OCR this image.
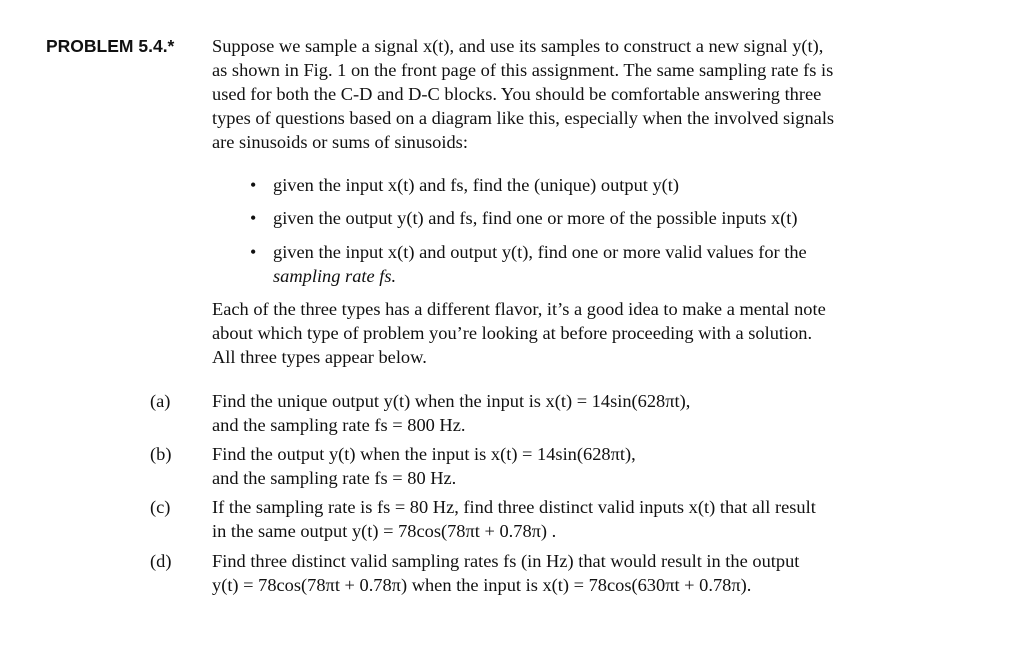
PROBLEM 5.4.* Suppose we sample a signal x(t), and use its samples to construct a new signal y(t),
as shown in Fig. 1 on the front page of this assignment. The same sampling rate fs is
used for both the C-D and D-C blocks. You should be comfortable answering three
types of questions based on a diagram like this, especially when the involved signals
are sinusoids or sums of sinusoids:
• given the input x(t) and fs, find the (unique) output y(t)
• given the output y(t) and fs, find one or more of the possible inputs x(t)
• given the input x(t) and output y(t), find one or more valid values for the
sampling rate fs.
Each of the three types has a different flavor, it’s a good idea to make a mental note
about which type of problem you’re looking at before proceeding with a solution.
All three types appear below.
(a) Find the unique output y(t) when the input is x(t) = 14sin(628πt),
and the sampling rate fs = 800 Hz.
(b) Find the output y(t) when the input is x(t) = 14sin(628πt),
and the sampling rate fs = 80 Hz.
(c) If the sampling rate is fs = 80 Hz, find three distinct valid inputs x(t) that all result
in the same output y(t) = 78cos(78πt + 0.78π) .
(d) Find three distinct valid sampling rates fs (in Hz) that would result in the output
y(t) = 78cos(78πt + 0.78π) when the input is x(t) = 78cos(630πt + 0.78π).
